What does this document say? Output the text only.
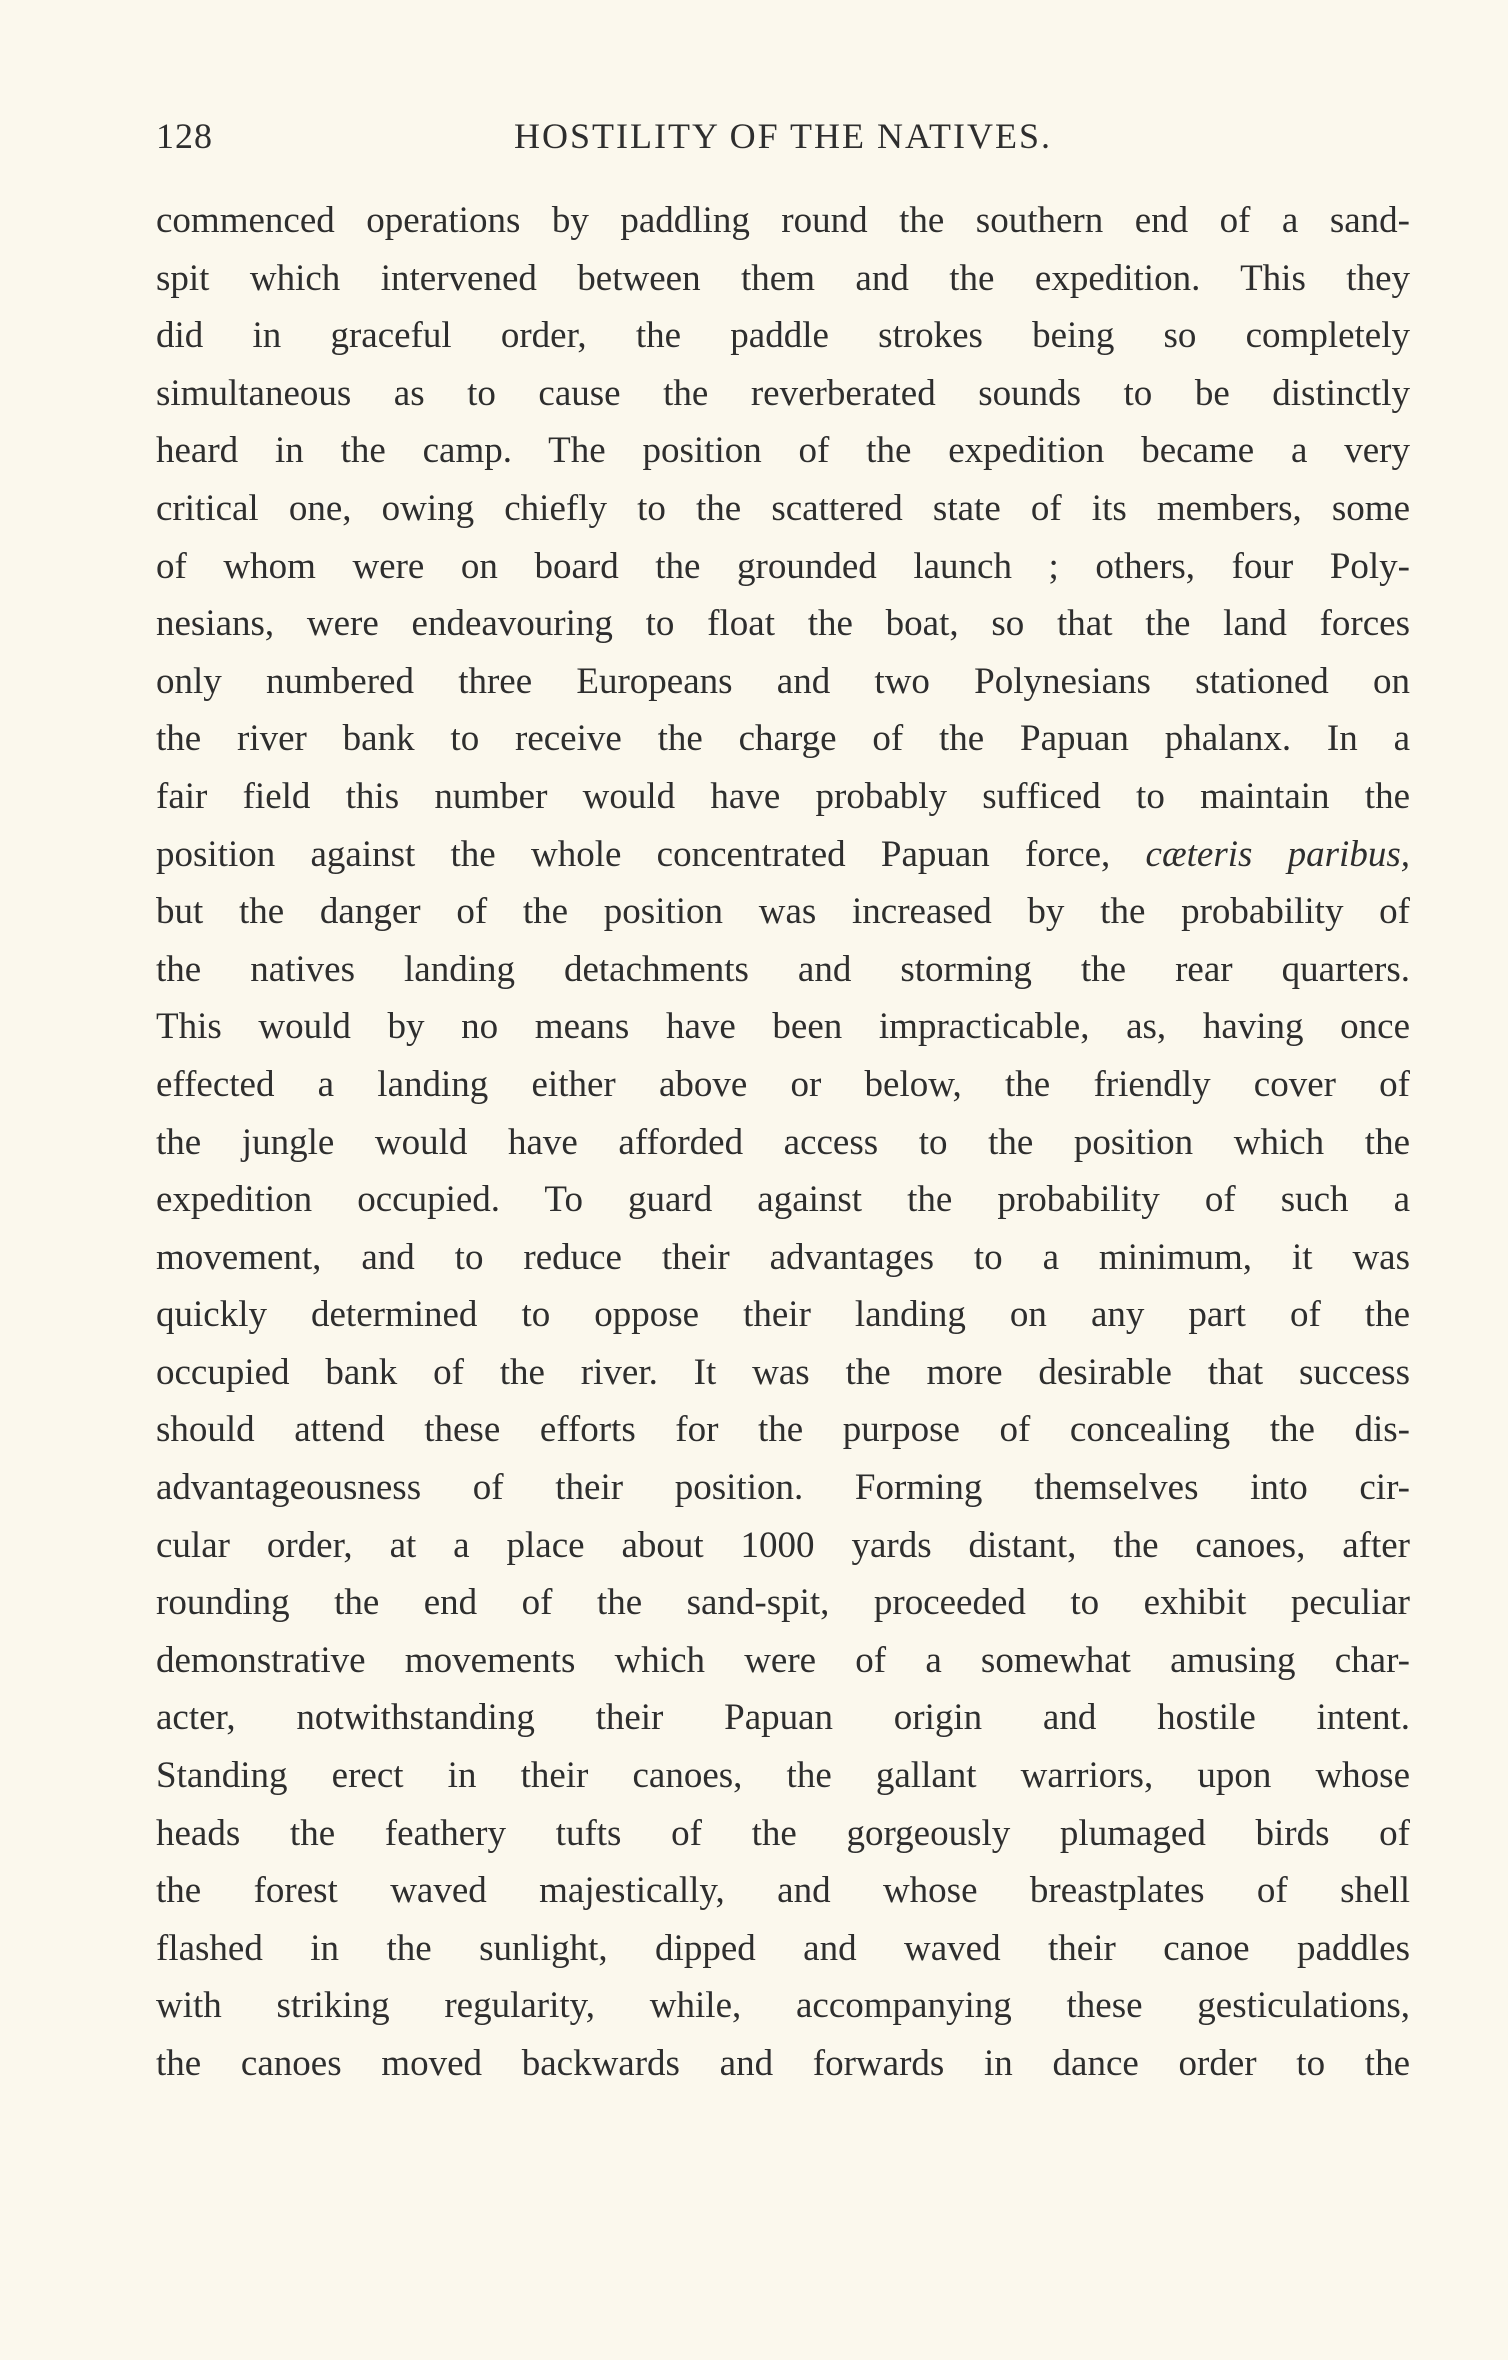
128	HOSTILITY OF THE NATIVES.
commenced operations by paddling round the southern end of a sand-
spit which intervened between them and the expedition. This they
did in graceful order, the paddle strokes being so completely
simultaneous as to cause the reverberated sounds to be distinctly
heard in the camp. The position of the expedition became a very
critical one, owing chiefly to the scattered state of its members, some
of whom were on board the grounded launch ; others, four Poly-
nesians, were endeavouring to float the boat, so that the land forces
only numbered three Europeans and two Polynesians stationed on
the river bank to receive the charge of the Papuan phalanx. In a
fair field this number would have probably sufficed to maintain the
position against the whole concentrated Papuan force, cæteris paribus,
but the danger of the position was increased by the probability of
the natives landing detachments and storming the rear quarters.
This would by no means have been impracticable, as, having once
effected a landing either above or below, the friendly cover of
the jungle would have afforded access to the position which the
expedition occupied. To guard against the probability of such a
movement, and to reduce their advantages to a minimum, it was
quickly determined to oppose their landing on any part of the
occupied bank of the river. It was the more desirable that success
should attend these efforts for the purpose of concealing the dis-
advantageousness of their position. Forming themselves into cir-
cular order, at a place about 1000 yards distant, the canoes, after
rounding the end of the sand-spit, proceeded to exhibit peculiar
demonstrative movements which were of a somewhat amusing char-
acter, notwithstanding their Papuan origin and hostile intent.
Standing erect in their canoes, the gallant warriors, upon whose
heads the feathery tufts of the gorgeously plumaged birds of
the forest waved majestically, and whose breastplates of shell
flashed in the sunlight, dipped and waved their canoe paddles
with striking regularity, while, accompanying these gesticulations,
the canoes moved backwards and forwards in dance order to the
